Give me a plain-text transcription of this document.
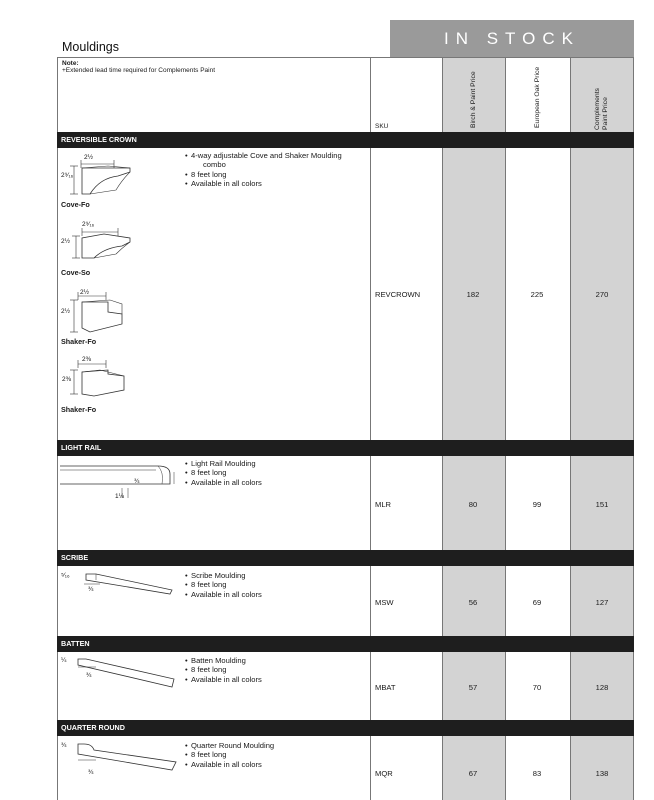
Mouldings	IN STOCK
Note:
+Extended lead time required for Complements Paint
SKU	Birch & Paint Price	European Oak Price	Complements Paint Price
REVERSIBLE CROWN
• 4-way adjustable Cove and Shaker Moulding
combo
• 8 feet long
• Available in all colors
REVCROWN	182	225	270
2½
2⁹⁄₁₆
Cove-Fo
2⁹⁄₁₆
2½
Cove-So
2½
2½
Shaker-Fo
2⅜
2⅜
Shaker-Fo
LIGHT RAIL
• Light Rail Moulding
• 8 feet long
• Available in all colors
¾
1⅛
MLR	80	99	151
SCRIBE
• Scribe Moulding
• 8 feet long
• Available in all colors
⁵⁄₁₆
¾
MSW	56	69	127
BATTEN
• Batten Moulding
• 8 feet long
• Available in all colors
¼
¾
MBAT	57	70	128
QUARTER ROUND
• Quarter Round Moulding
• 8 feet long
• Available in all colors
¾
¾	MQR	67	83	138
